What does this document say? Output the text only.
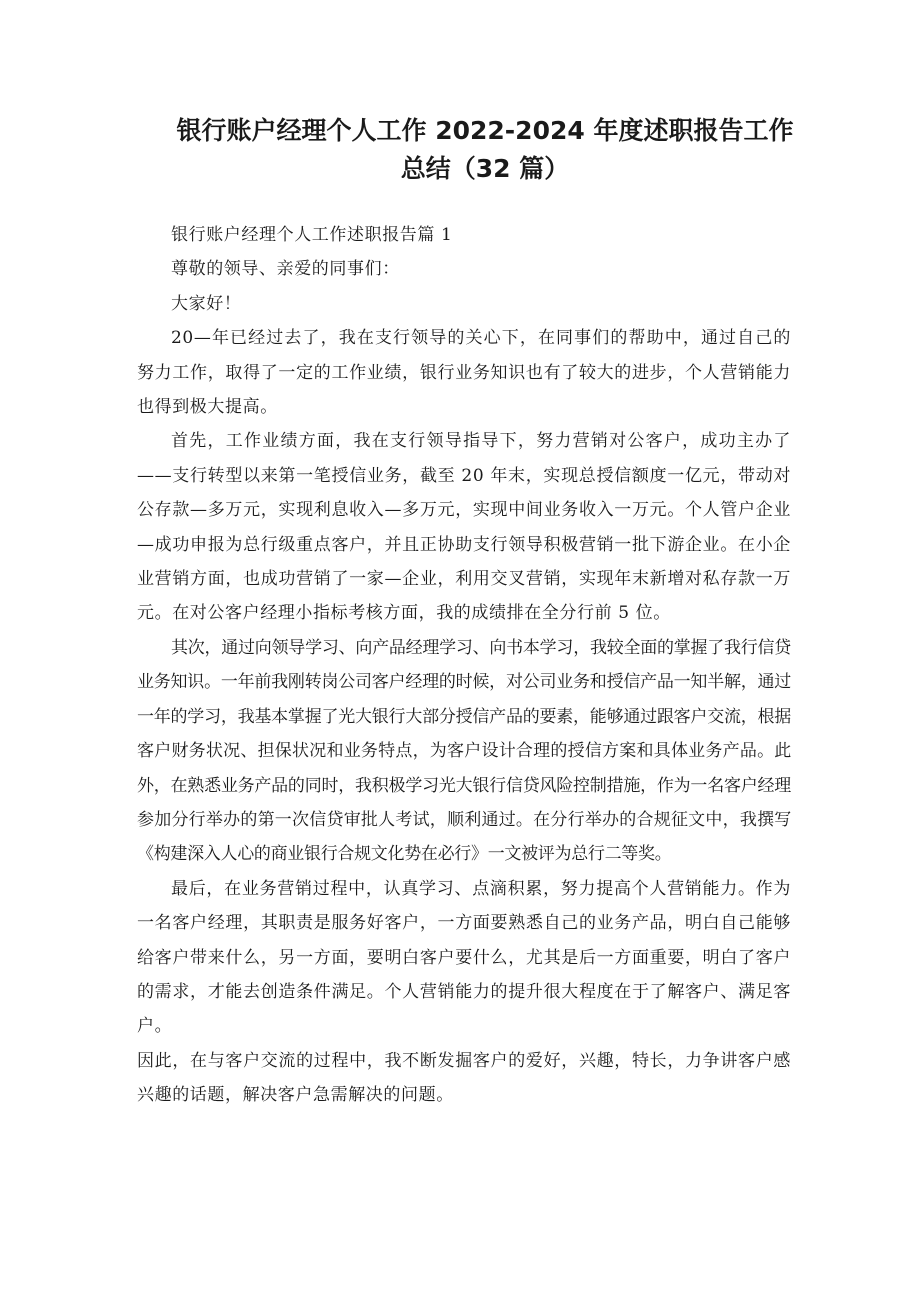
银行账户经理个人工作 2022-2024 年度述职报告工作
总结（32 篇）

银行账户经理个人工作述职报告篇 1

尊敬的领导、亲爱的同事们：

大家好！

20—年已经过去了，我在支行领导的关心下，在同事们的帮助中，通过自己的努力工作，取得了一定的工作业绩，银行业务知识也有了较大的进步，个人营销能力也得到极大提高。

首先，工作业绩方面，我在支行领导指导下，努力营销对公客户，成功主办了——支行转型以来第一笔授信业务，截至 20 年末，实现总授信额度一亿元，带动对公存款—多万元，实现利息收入—多万元，实现中间业务收入一万元。个人管户企业—成功申报为总行级重点客户，并且正协助支行领导积极营销一批下游企业。在小企业营销方面，也成功营销了一家—企业，利用交叉营销，实现年末新增对私存款一万元。在对公客户经理小指标考核方面，我的成绩排在全分行前 5 位。

其次，通过向领导学习、向产品经理学习、向书本学习，我较全面的掌握了我行信贷业务知识。一年前我刚转岗公司客户经理的时候，对公司业务和授信产品一知半解，通过一年的学习，我基本掌握了光大银行大部分授信产品的要素，能够通过跟客户交流，根据客户财务状况、担保状况和业务特点，为客户设计合理的授信方案和具体业务产品。此外，在熟悉业务产品的同时，我积极学习光大银行信贷风险控制措施，作为一名客户经理参加分行举办的第一次信贷审批人考试，顺利通过。在分行举办的合规征文中，我撰写《构建深入人心的商业银行合规文化势在必行》一文被评为总行二等奖。

最后，在业务营销过程中，认真学习、点滴积累，努力提高个人营销能力。作为一名客户经理，其职责是服务好客户，一方面要熟悉自己的业务产品，明白自己能够给客户带来什么，另一方面，要明白客户要什么，尤其是后一方面重要，明白了客户的需求，才能去创造条件满足。个人营销能力的提升很大程度在于了解客户、满足客户。

因此，在与客户交流的过程中，我不断发掘客户的爱好，兴趣，特长，力争讲客户感兴趣的话题，解决客户急需解决的问题。
